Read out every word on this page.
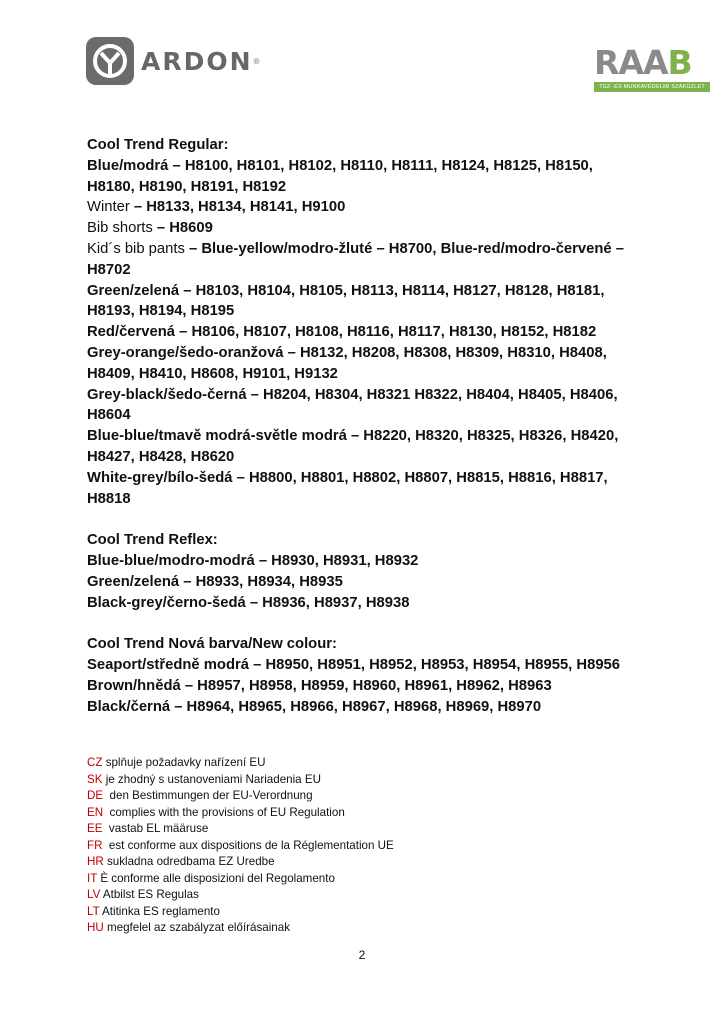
ARDON ®	RAAB
TŰZ- ÉS MUNKAVÉDELMI SZAKÜZLET
Cool Trend Regular:
Blue/modrá – H8100, H8101, H8102, H8110, H8111, H8124, H8125, H8150, H8180, H8190, H8191, H8192
Winter – H8133, H8134, H8141, H9100
Bib shorts – H8609
Kid´s bib pants – Blue-yellow/modro-žluté – H8700, Blue-red/modro-červené – H8702
Green/zelená – H8103, H8104, H8105, H8113, H8114, H8127, H8128, H8181, H8193, H8194, H8195
Red/červená – H8106, H8107, H8108, H8116, H8117, H8130, H8152, H8182
Grey-orange/šedo-oranžová – H8132, H8208, H8308, H8309, H8310, H8408, H8409, H8410, H8608, H9101, H9132
Grey-black/šedo-černá – H8204, H8304, H8321 H8322, H8404, H8405, H8406, H8604
Blue-blue/tmavě modrá-světle modrá – H8220, H8320, H8325, H8326, H8420, H8427, H8428, H8620
White-grey/bílo-šedá – H8800, H8801, H8802, H8807, H8815, H8816, H8817, H8818
Cool Trend Reflex:
Blue-blue/modro-modrá – H8930, H8931, H8932
Green/zelená – H8933, H8934, H8935
Black-grey/černo-šedá – H8936, H8937, H8938
Cool Trend Nová barva/New colour:
Seaport/středně modrá – H8950, H8951, H8952, H8953, H8954, H8955, H8956
Brown/hnědá – H8957, H8958, H8959, H8960, H8961, H8962, H8963
Black/černá – H8964, H8965, H8966, H8967, H8968, H8969, H8970
CZ splňuje požadavky nařízení EU
SK je zhodný s ustanoveniami Nariadenia EU
DE  den Bestimmungen der EU-Verordnung
EN  complies with the provisions of EU Regulation
EE  vastab EL määruse
FR  est conforme aux dispositions de la Réglementation UE
HR sukladna odredbama EZ Uredbe
IT È conforme alle disposizioni del Regolamento
LV Atbilst ES Regulas
LT Atitinka ES reglamento
HU megfelel az szabályzat előírásainak
2
